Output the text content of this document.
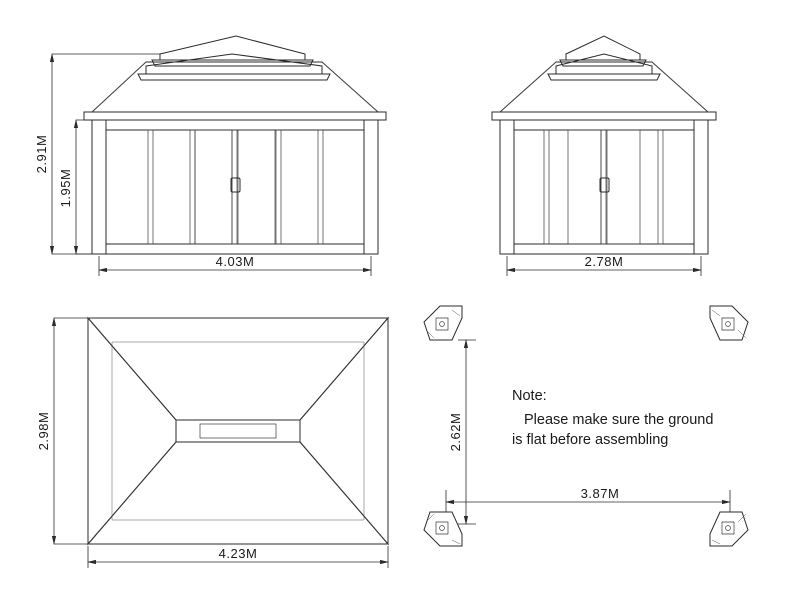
2.91M
1.95M
4.03M	2.78M
2.98M
4.23M
2.62M
3.87M
Note:
Please make sure the ground
is flat before assembling
